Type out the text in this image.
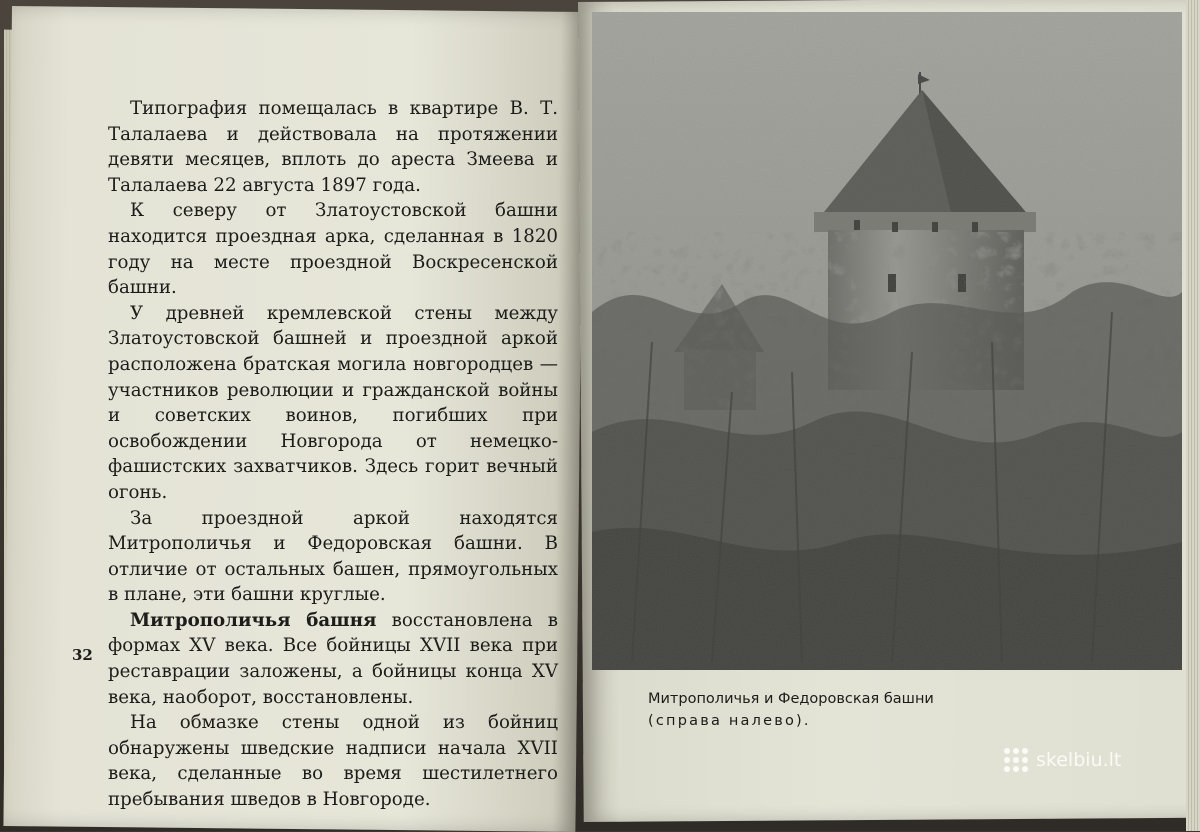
Типография помещалась в квартире В. Т. Талалаева и действовала на протяжении девяти месяцев, вплоть до ареста Змеева и Талалаева 22 августа 1897 года.

К северу от Златоустовской башни находится проездная арка, сделанная в 1820 году на месте проездной Воскресенской башни.

У древней кремлевской стены между Златоустовской башней и проездной аркой расположена братская могила новгородцев — участников революции и гражданской войны и советских воинов, погибших при освобождении Новгорода от немецко-фашистских захватчиков. Здесь горит вечный огонь.

За проездной аркой находятся Митрополичья и Федоровская башни. В отличие от остальных башен, прямоугольных в плане, эти башни круглые.

Митрополичья башня восстановлена в формах XV века. Все бойницы XVII века при реставрации заложены, а бойницы конца XV века, наоборот, восстановлены.

На обмазке стены одной из бойниц обнаружены шведские надписи начала XVII века, сделанные во время шестилетнего пребывания шведов в Новгороде.

32
Митрополичья и Федоровская башни
(справа налево).
skelbiu.lt
